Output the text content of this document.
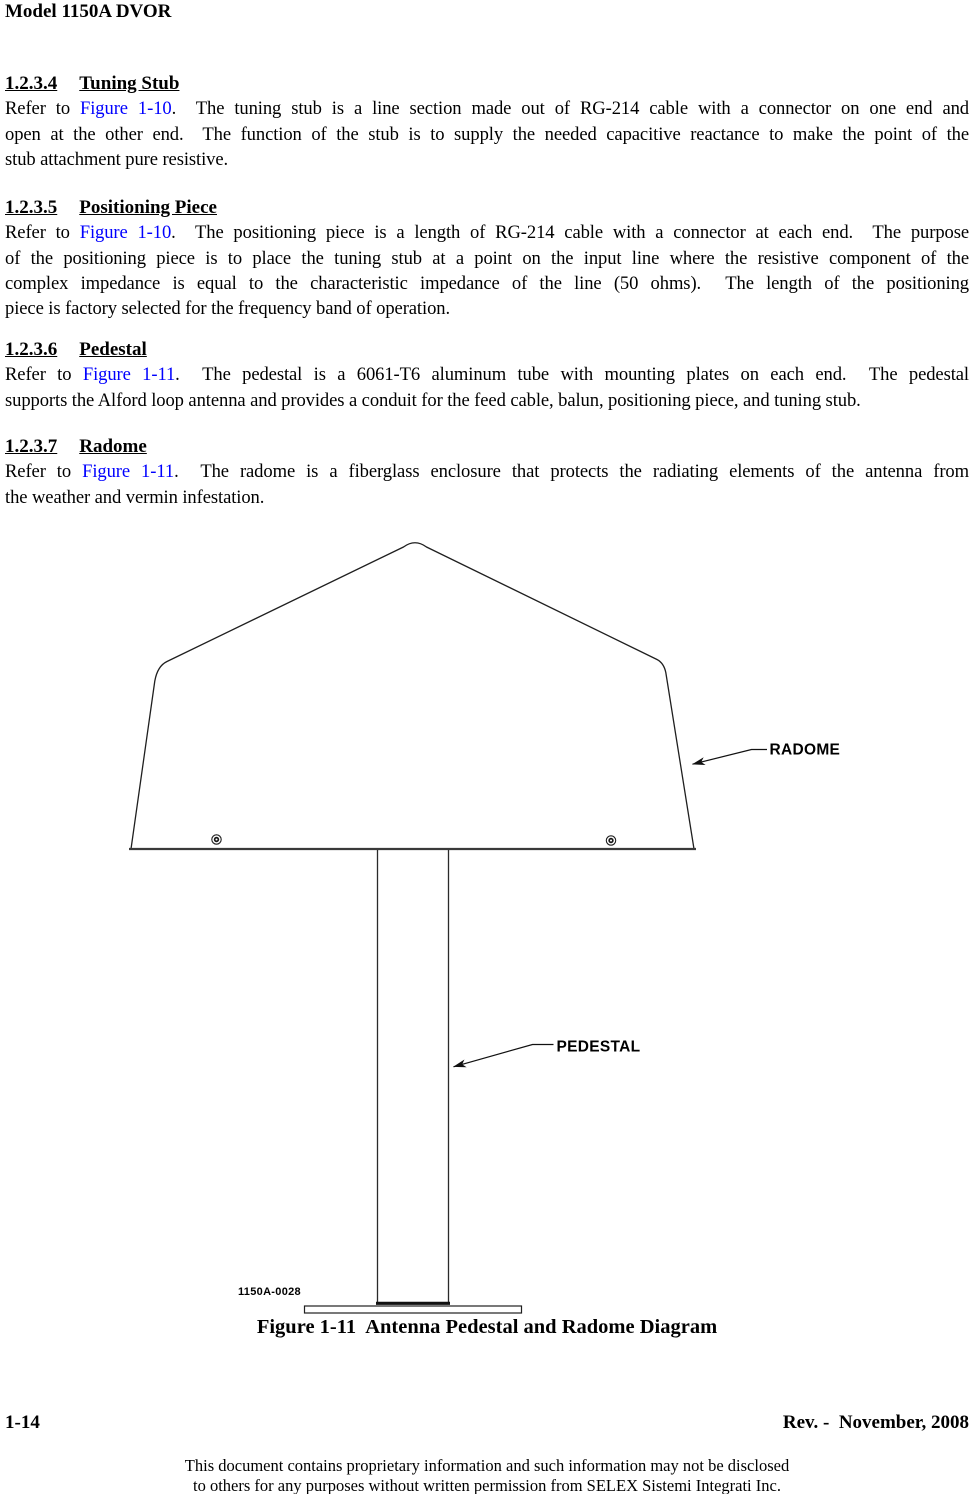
Model 1150A DVOR
1.2.3.4 Tuning Stub
Refer to Figure 1-10.  The tuning stub is a line section made out of RG-214 cable with a connector on one end and
open at the other end.  The function of the stub is to supply the needed capacitive reactance to make the point of the
stub attachment pure resistive.
1.2.3.5 Positioning Piece
Refer to Figure 1-10.  The positioning piece is a length of RG-214 cable with a connector at each end.  The purpose
of the positioning piece is to place the tuning stub at a point on the input line where the resistive component of the
complex impedance is equal to the characteristic impedance of the line (50 ohms).  The length of the positioning
piece is factory selected for the frequency band of operation.
1.2.3.6 Pedestal
Refer to Figure 1-11.  The pedestal is a 6061-T6 aluminum tube with mounting plates on each end.  The pedestal
supports the Alford loop antenna and provides a conduit for the feed cable, balun, positioning piece, and tuning stub.
1.2.3.7 Radome
Refer to Figure 1-11.  The radome is a fiberglass enclosure that protects the radiating elements of the antenna from
the weather and vermin infestation.
RADOME
PEDESTAL
1150A-0028
Figure 1-11  Antenna Pedestal and Radome Diagram
1-14	Rev. -  November, 2008
This document contains proprietary information and such information may not be disclosed
to others for any purposes without written permission from SELEX Sistemi Integrati Inc.
